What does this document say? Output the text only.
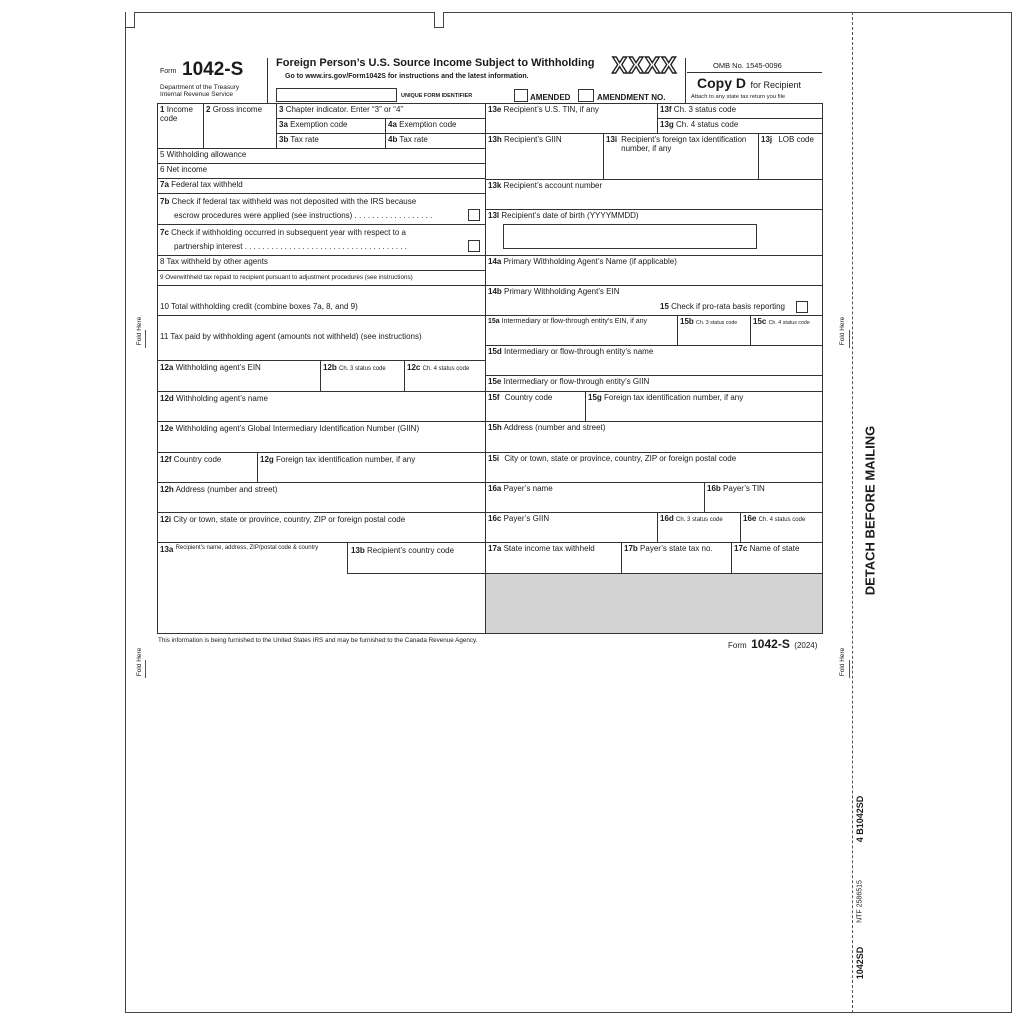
Fold Here
Fold Here
Fold Here
Fold Here
DETACH BEFORE MAILING
4 B1042SD
NTF 2586515
1042SD
Form 1042-S
Department of the Treasury
Internal Revenue Service
Foreign Person’s U.S. Source Income Subject to Withholding
Go to www.irs.gov/Form1042S for instructions and the latest information.	XXXX	OMB No. 1545-0096
Copy D for Recipient
Attach to any state tax return you file
UNIQUE FORM IDENTIFIER	AMENDED	AMENDMENT NO.
1 Income code
2 Gross income	3 Chapter indicator. Enter “3” or “4”
3a Exemption code	4a Exemption code
3b Tax rate	4b Tax rate
5 Withholding allowance
6 Net income
7a Federal tax withheld
7b Check if federal tax withheld was not deposited with the IRS because
escrow procedures were applied (see instructions) . . . . . . . . . . . . . . . . . .
7c Check if withholding occurred in subsequent year with respect to a
partnership interest . . . . . . . . . . . . . . . . . . . . . . . . . . . . . . . . . . . . .
8 Tax withheld by other agents
9 Overwithheld tax repaid to recipient pursuant to adjustment procedures (see instructions)
10 Total withholding credit (combine boxes 7a, 8, and 9)
11 Tax paid by withholding agent (amounts not withheld) (see instructions)
12a Withholding agent’s EIN	12b Ch. 3 status code	12c Ch. 4 status code
12d Withholding agent’s name
12e Withholding agent’s Global Intermediary Identification Number (GIIN)
12f Country code	12g Foreign tax identification number, if any
12h Address (number and street)
12i City or town, state or province, country, ZIP or foreign postal code
13a Recipient’s name, address, ZIP/postal code & country	13b Recipient’s country code
13e Recipient’s U.S. TIN, if any	13f Ch. 3 status code
13g Ch. 4 status code
13h Recipient’s GIIN	13i Recipient’s foreign tax identification number, if any
13j LOB code
13k Recipient’s account number
13l Recipient’s date of birth (YYYYMMDD)
14a Primary Withholding Agent’s Name (if applicable)
14b Primary Withholding Agent’s EIN
15 Check if pro-rata basis reporting
15a Intermediary or flow-through entity’s EIN, if any	15b Ch. 3 status code	15c Ch. 4 status code
15d Intermediary or flow-through entity’s name
15e Intermediary or flow-through entity’s GIIN
15f Country code	15g Foreign tax identification number, if any
15h Address (number and street)
15i City or town, state or province, country, ZIP or foreign postal code
16a Payer’s name	16b Payer’s TIN
16c Payer’s GIIN	16d Ch. 3 status code	16e Ch. 4 status code
17a State income tax withheld	17b Payer’s state tax no.	17c Name of state
This information is being furnished to the United States IRS and may be furnished to the Canada Revenue Agency.
Form 1042-S (2024)
